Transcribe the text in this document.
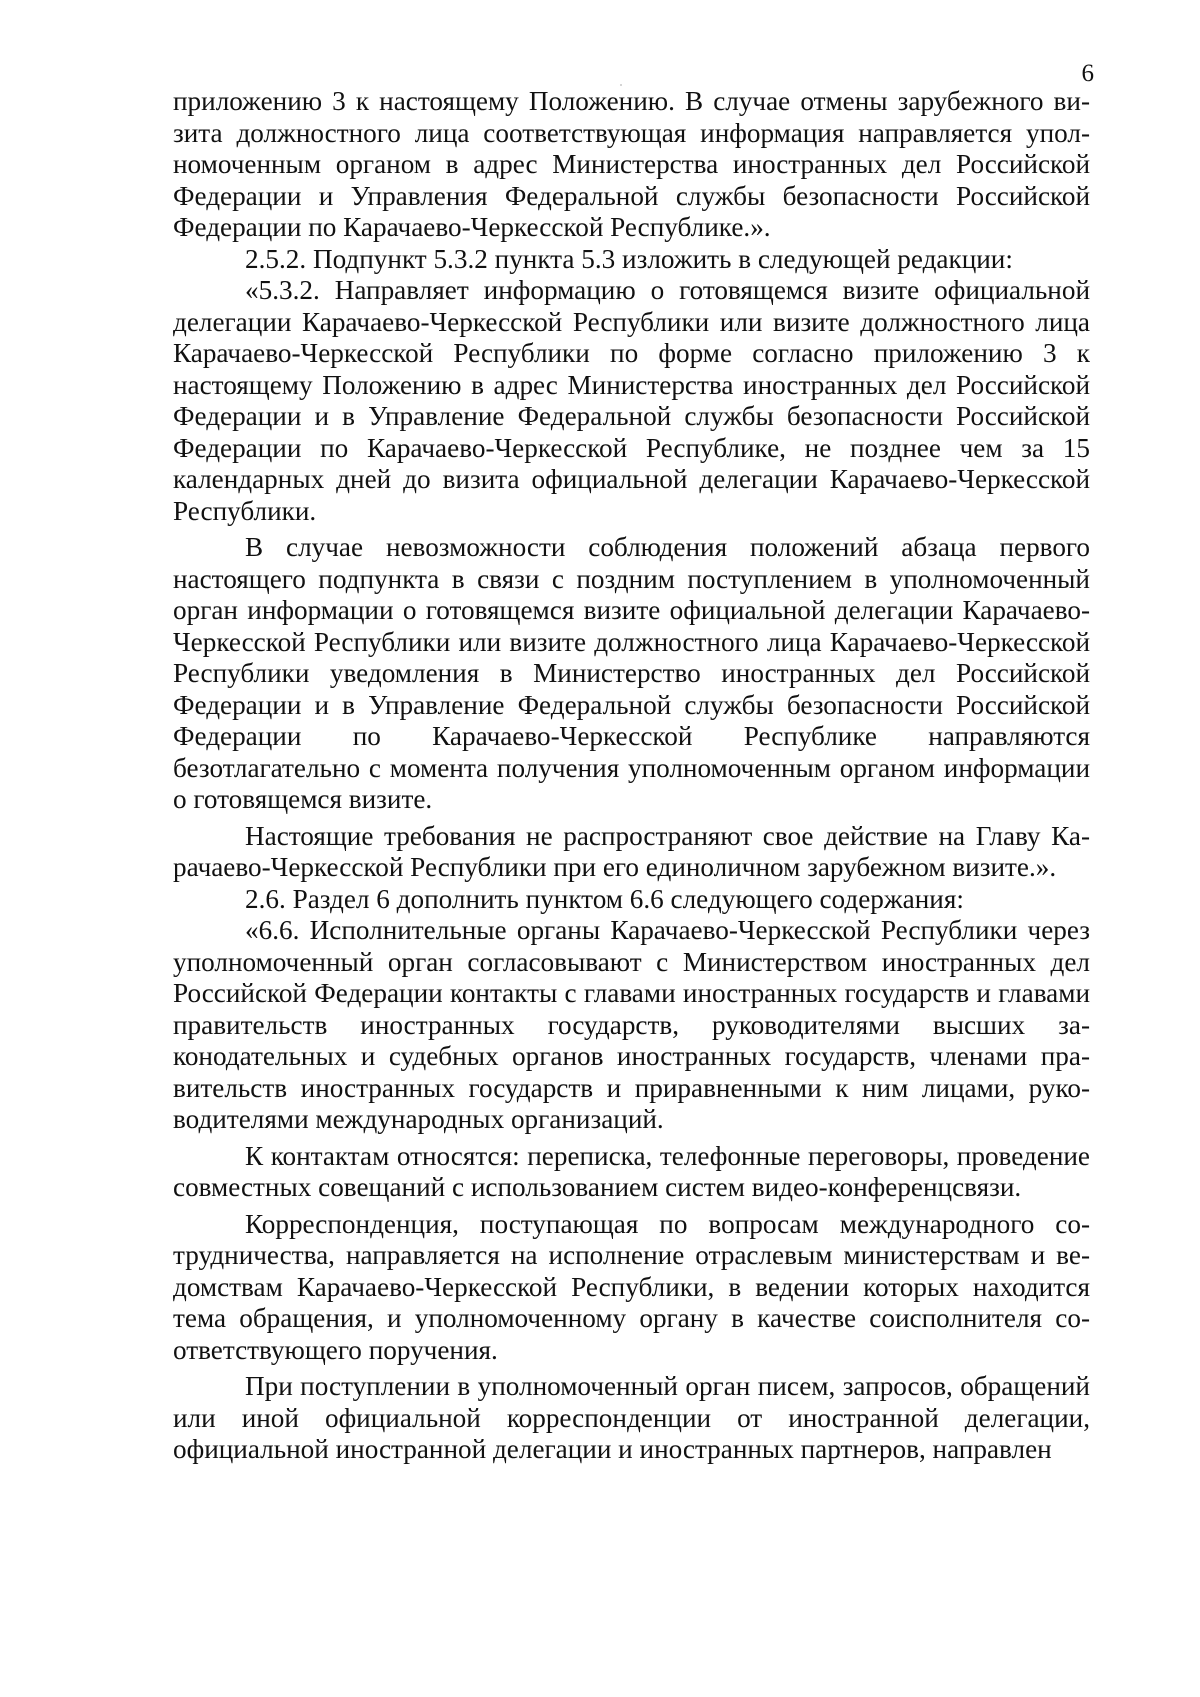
6

приложению 3 к настоящему Положению. В случае отмены зарубежного визита должностного лица соответствующая информация направляется уполномоченным органом в адрес Министерства иностранных дел Российской Федерации и Управления Федеральной службы безопасности Российской Федерации по Карачаево-Черкесской Республике.».

2.5.2. Подпункт 5.3.2 пункта 5.3 изложить в следующей редакции:

«5.3.2. Направляет информацию о готовящемся визите официальной делегации Карачаево-Черкесской Республики или визите должностного лица Карачаево-Черкесской Республики по форме согласно приложению 3 к настоящему Положению в адрес Министерства иностранных дел Российской Федерации и в Управление Федеральной службы безопасности Российской Федерации по Карачаево-Черкесской Республике, не позднее чем за 15 календарных дней до визита официальной делегации Карачаево-Черкесской Республики.

В случае невозможности соблюдения положений абзаца первого настоящего подпункта в связи с поздним поступлением в уполномоченный орган информации о готовящемся визите официальной делегации Карачаево-Черкесской Республики или визите должностного лица Карачаево-Черкесской Республики уведомления в Министерство иностранных дел Российской Федерации и в Управление Федеральной службы безопасности Российской Федерации по Карачаево-Черкесской Республике направляются безотлагательно с момента получения уполномоченным органом информации о готовящемся визите.

Настоящие требования не распространяют свое действие на Главу Карачаево-Черкесской Республики при его единоличном зарубежном визите.».

2.6. Раздел 6 дополнить пунктом 6.6 следующего содержания:

«6.6. Исполнительные органы Карачаево-Черкесской Республики через уполномоченный орган согласовывают с Министерством иностранных дел Российской Федерации контакты с главами иностранных государств и главами правительств иностранных государств, руководителями высших законодательных и судебных органов иностранных государств, членами правительств иностранных государств и приравненными к ним лицами, руководителями международных организаций.

К контактам относятся: переписка, телефонные переговоры, проведение совместных совещаний с использованием систем видео-конференцсвязи.

Корреспонденция, поступающая по вопросам международного сотрудничества, направляется на исполнение отраслевым министерствам и ведомствам Карачаево-Черкесской Республики, в ведении которых находится тема обращения, и уполномоченному органу в качестве соисполнителя соответствующего поручения.

При поступлении в уполномоченный орган писем, запросов, обращений или иной официальной корреспонденции от иностранной делегации, официальной иностранной делегации и иностранных партнеров, направлен
